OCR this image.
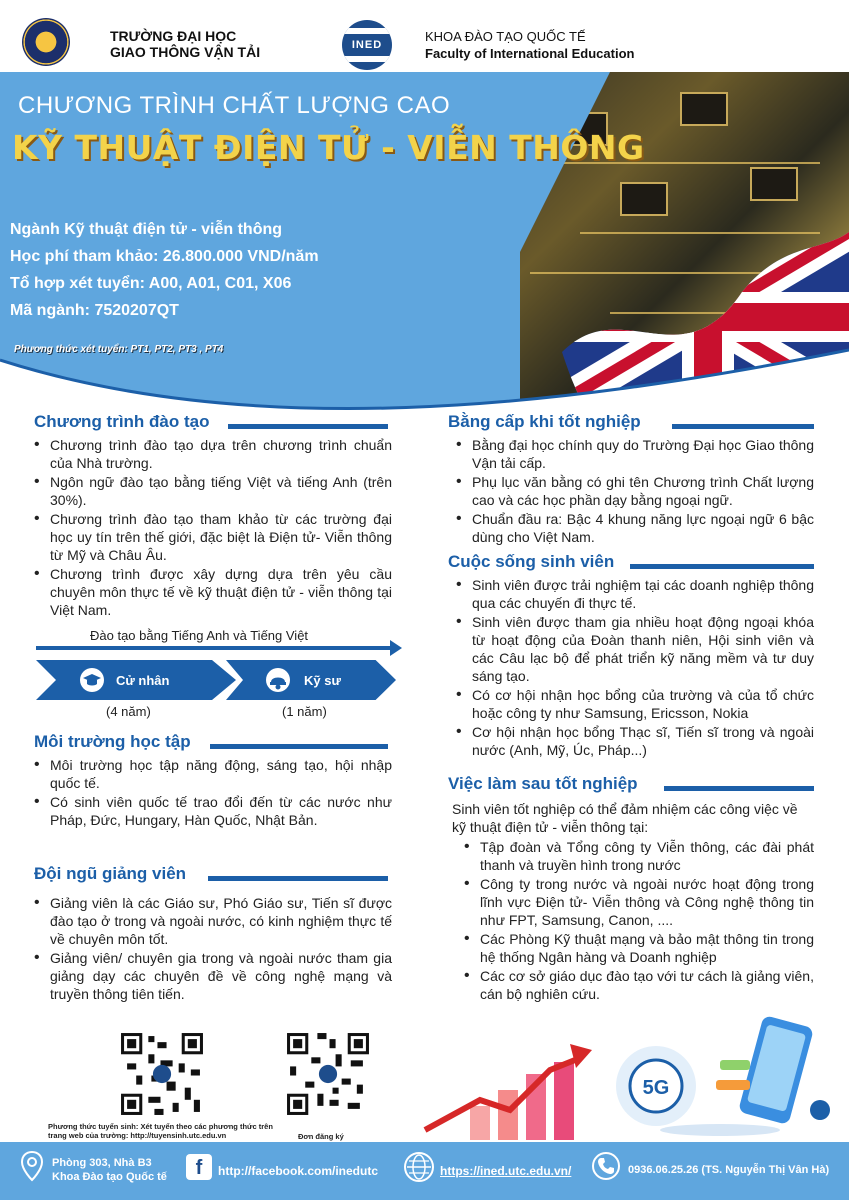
TRƯỜNG ĐẠI HỌC
GIAO THÔNG VẬN TẢI	INED
KHOA ĐÀO TẠO QUỐC TẾ
Faculty of International Education
CHƯƠNG TRÌNH CHẤT LƯỢNG CAO
KỸ THUẬT ĐIỆN TỬ - VIỄN THÔNG
Ngành Kỹ thuật điện tử - viễn thông
Học phí tham khảo: 26.800.000 VND/năm
Tổ hợp xét tuyển: A00, A01, C01, X06
Mã ngành: 7520207QT
Phương thức xét tuyển: PT1, PT2, PT3 , PT4
Chương trình đào tạo
• Chương trình đào tạo dựa trên chương trình chuẩn của Nhà trường.
• Ngôn ngữ đào tạo bằng tiếng Việt và tiếng Anh (trên 30%).
• Chương trình đào tạo tham khảo từ các trường đại học uy tín trên thế giới, đặc biệt là Điện tử- Viễn thông từ Mỹ và Châu Âu.
• Chương trình được xây dựng dựa trên yêu cầu chuyên môn thực tế về kỹ thuật điện tử - viễn thông tại Việt Nam.
Đào tạo bằng Tiếng Anh và Tiếng Việt
Cử nhân	Kỹ sư
(4 năm)	(1 năm)
Môi trường học tập
• Môi trường học tập năng động, sáng tạo, hội nhập quốc tế.
• Có sinh viên quốc tế trao đổi đến từ các nước như Pháp, Đức, Hungary, Hàn Quốc, Nhật Bản.
Đội ngũ giảng viên
• Giảng viên là các Giáo sư, Phó Giáo sư, Tiến sĩ được đào tạo ở trong và ngoài nước, có kinh nghiệm thực tế về chuyên môn tốt.
• Giảng viên/ chuyên gia trong và ngoài nước tham gia giảng dạy các chuyên đề về công nghệ mạng và truyền thông tiên tiến.
Phương thức tuyển sinh: Xét tuyển theo các phương thức trên trang web của trường: http://tuyensinh.utc.edu.vn	Đơn đăng ký
Bằng cấp khi tốt nghiệp
• Bằng đại học chính quy do Trường Đại học Giao thông Vận tải cấp.
• Phụ lục văn bằng có ghi tên Chương trình Chất lượng cao và các học phần dạy bằng ngoại ngữ.
• Chuẩn đầu ra: Bậc 4 khung năng lực ngoại ngữ 6 bậc dùng cho Việt Nam.
Cuộc sống sinh viên
• Sinh viên được trải nghiệm tại các doanh nghiệp thông qua các chuyến đi thực tế.
• Sinh viên được tham gia nhiều hoạt động ngoại khóa từ hoạt động của Đoàn thanh niên, Hội sinh viên và các Câu lạc bộ để phát triển kỹ năng mềm và tư duy sáng tạo.
• Có cơ hội nhận học bổng của trường và của tổ chức hoặc công ty như Samsung, Ericsson, Nokia
• Cơ hội nhận học bổng Thạc sĩ, Tiến sĩ trong và ngoài nước (Anh, Mỹ, Úc, Pháp...)
Việc làm sau tốt nghiệp
Sinh viên tốt nghiệp có thể đảm nhiệm các công việc về kỹ thuật điện tử - viễn thông tại:
• Tập đoàn và Tổng công ty Viễn thông, các đài phát thanh và truyền hình trong nước
• Công ty trong nước và ngoài nước hoạt động trong lĩnh vực Điện tử- Viễn thông và Công nghệ thông tin như FPT, Samsung, Canon, ....
• Các Phòng Kỹ thuật mạng và bảo mật thông tin trong hệ thống Ngân hàng và Doanh nghiệp
• Các cơ sở giáo dục đào tạo với tư cách là giảng viên, cán bộ nghiên cứu.
5G
Phòng 303, Nhà B3
Khoa Đào tạo Quốc tế	http://facebook.com/inedutc	https://ined.utc.edu.vn/	0936.06.25.26 (TS. Nguyễn Thị Vân Hà)
f
